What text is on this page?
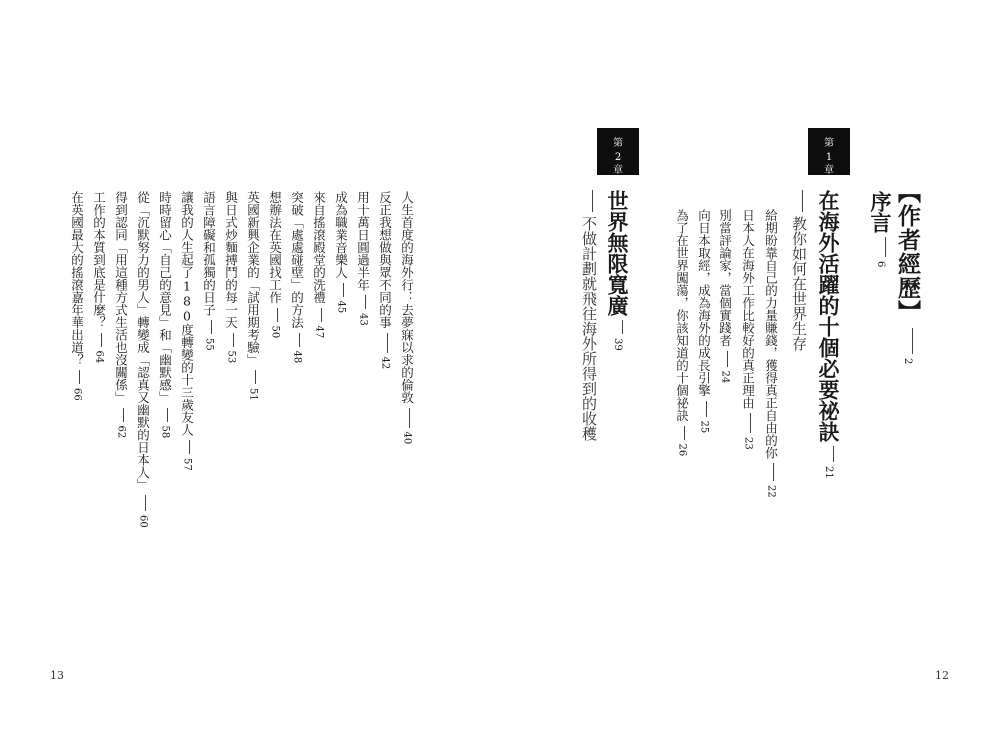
【作者經歷】2
序言6
第
1
章
在海外活躍的十個必要祕訣21
教你如何在世界生存
給期盼靠自己的力量賺錢，獲得真正自由的你22
日本人在海外工作比較好的真正理由23
別當評論家，當個實踐者24
向日本取經，成為海外的成長引擎25
為了在世界闖蕩，你該知道的十個祕訣26
第
2
章
世界無限寬廣39
不做計劃就飛往海外所得到的收穫
12
人生首度的海外行：去夢寐以求的倫敦40
反正我想做與眾不同的事42
用十萬日圓過半年43
成為職業音樂人45
來自搖滾殿堂的洗禮47
突破「處處碰壁」的方法48
想辦法在英國找工作50
英國新興企業的「試用期考驗」51
與日式炒麵搏鬥的每一天53
語言障礙和孤獨的日子55
讓我的人生起了180度轉變的十三歲友人57
時時留心「自己的意見」和「幽默感」58
從「沉默努力的男人」轉變成「認真又幽默的日本人」60
得到認同「用這種方式生活也沒關係」62
工作的本質到底是什麼？64
在英國最大的搖滾嘉年華出道？66
13
